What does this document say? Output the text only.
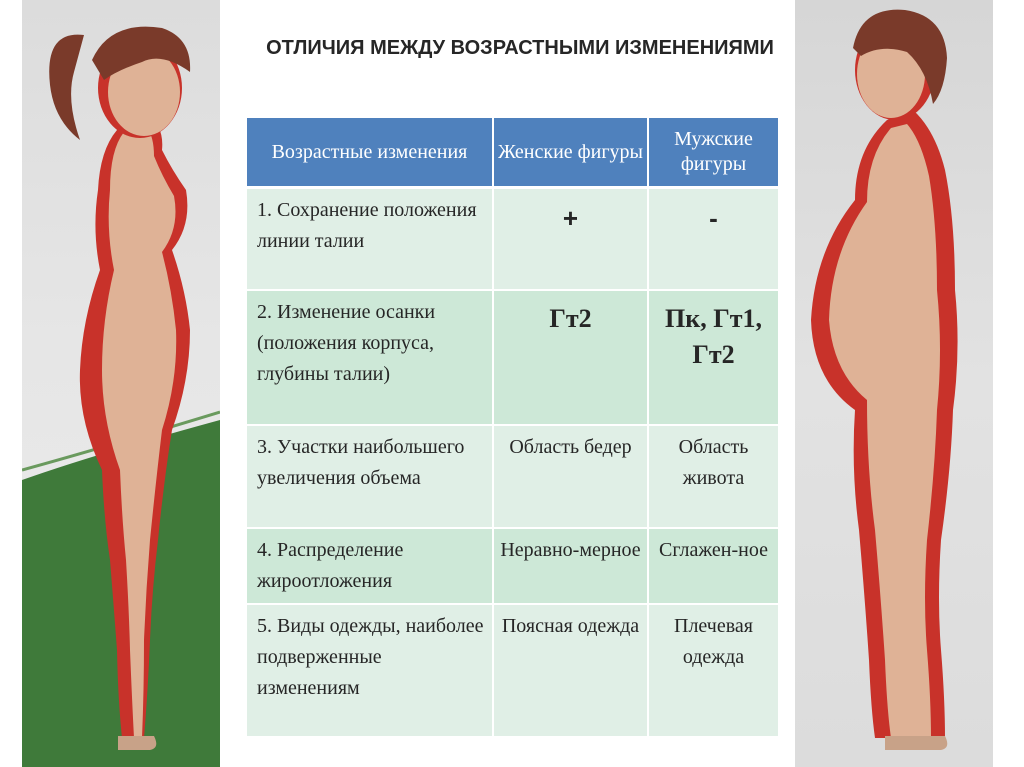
ОТЛИЧИЯ МЕЖДУ ВОЗРАСТНЫМИ ИЗМЕНЕНИЯМИ
Возрастные изменения	Женские фигуры	Мужские фигуры
1. Сохранение положения линии талии	+	-
2. Изменение осанки (положения корпуса, глубины талии)	Гт2	Пк, Гт1, Гт2
3. Участки наибольшего увеличения объема	Область бедер	Область живота
4. Распределение жироотложения	Неравно-мерное	Сглажен-ное
5. Виды одежды, наиболее подверженные изменениям	Поясная одежда	Плечевая одежда
